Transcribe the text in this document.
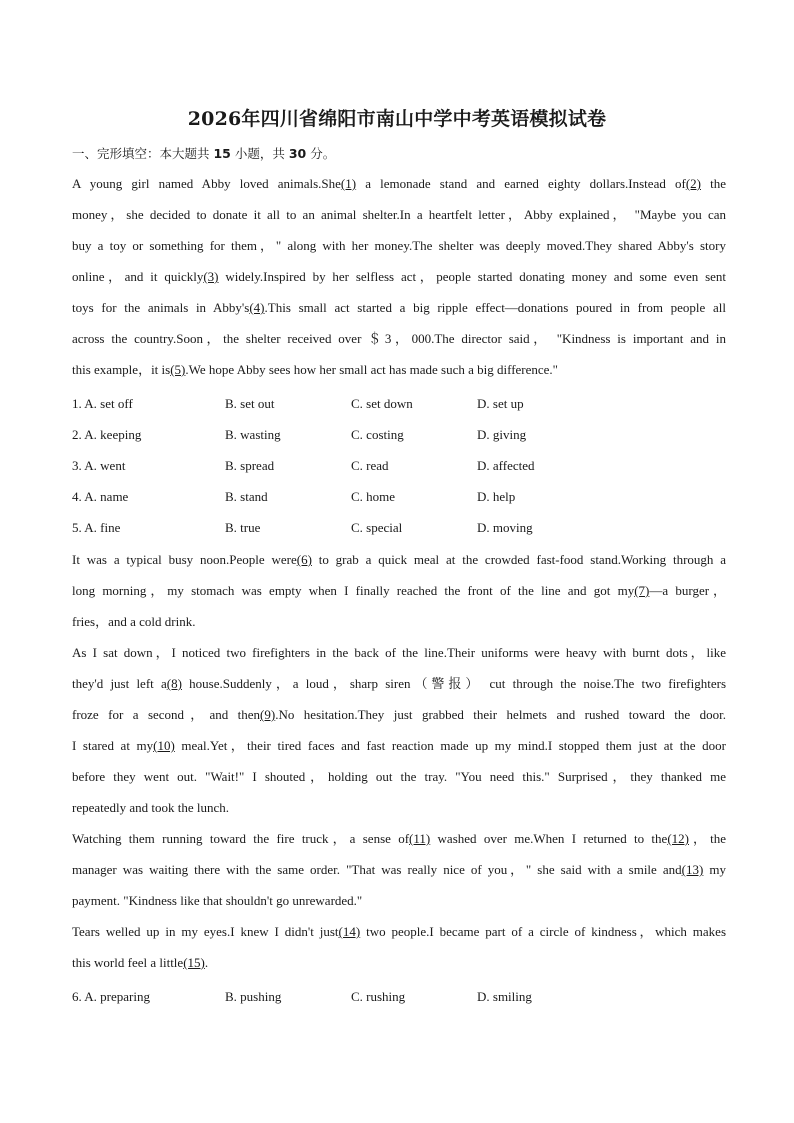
2026年四川省绵阳市南山中学中考英语模拟试卷
一、完形填空：本大题共 15 小题，共 30 分。
A young girl named Abby loved animals.She(1) a lemonade stand and earned eighty dollars.Instead of(2) the
money，she decided to donate it all to an animal shelter.In a heartfelt letter，Abby explained， "Maybe you can
buy a toy or something for them，" along with her money.The shelter was deeply moved.They shared Abby's story
online，and it quickly(3) widely.Inspired by her selfless act，people started donating money and some even sent
toys for the animals in Abby's(4).This small act started a big ripple effect—donations poured in from people all
across the country.Soon，the shelter received over ＄3，000.The director said， "Kindness is important and in
this example，it is(5).We hope Abby sees how her small act has made such a big difference."
1. A. set off	B. set out	C. set down	D. set up
2. A. keeping	B. wasting	C. costing	D. giving
3. A. went	B. spread	C. read	D. affected
4. A. name	B. stand	C. home	D. help
5. A. fine	B. true	C. special	D. moving
It was a typical busy noon.People were(6) to grab a quick meal at the crowded fast-food stand.Working through a
long morning，my stomach was empty when I finally reached the front of the line and got my(7)—a burger，
fries，and a cold drink.
As I sat down，I noticed two firefighters in the back of the line.Their uniforms were heavy with burnt dots，like
they'd just left a(8) house.Suddenly，a loud，sharp siren（警报） cut through the noise.The two firefighters
froze for a second，and then(9).No hesitation.They just grabbed their helmets and rushed toward the door.
I stared at my(10) meal.Yet，their tired faces and fast reaction made up my mind.I stopped them just at the door
before they went out. "Wait!" I shouted，holding out the tray. "You need this." Surprised，they thanked me
repeatedly and took the lunch.
Watching them running toward the fire truck，a sense of(11) washed over me.When I returned to the(12)，the
manager was waiting there with the same order. "That was really nice of you，" she said with a smile and(13) my
payment. "Kindness like that shouldn't go unrewarded."
Tears welled up in my eyes.I knew I didn't just(14) two people.I became part of a circle of kindness，which makes
this world feel a little(15).
6. A. preparing	B. pushing	C. rushing	D. smiling
